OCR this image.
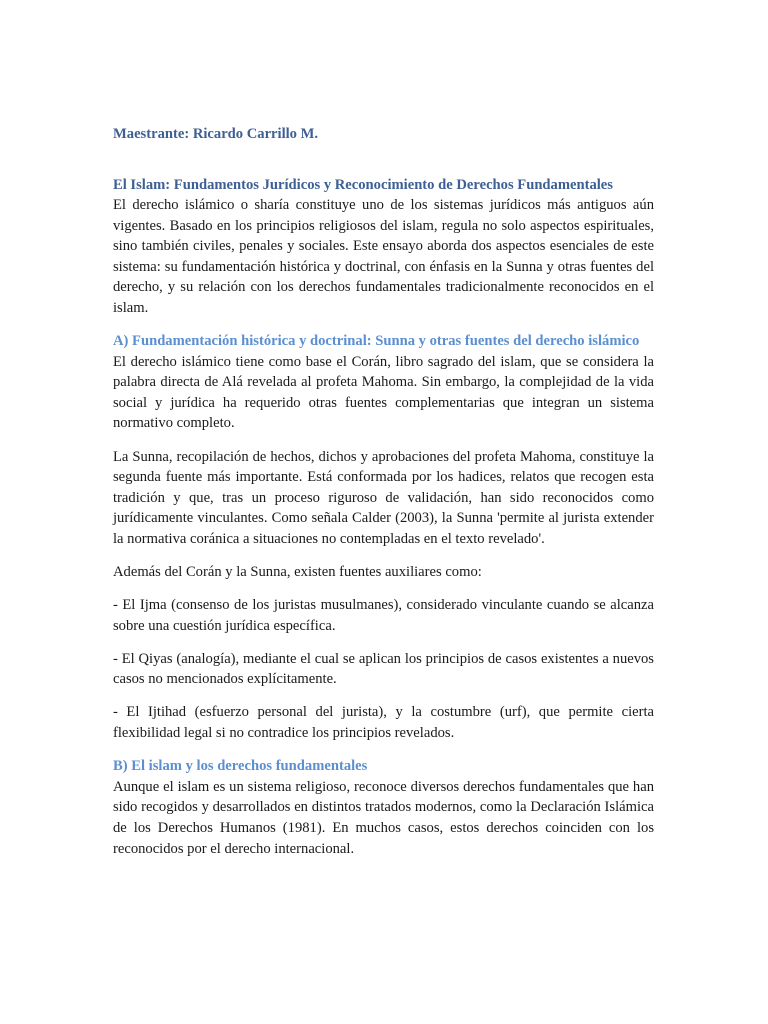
Maestrante: Ricardo Carrillo M.
El Islam: Fundamentos Jurídicos y Reconocimiento de Derechos Fundamentales

El derecho islámico o sharía constituye uno de los sistemas jurídicos más antiguos aún vigentes. Basado en los principios religiosos del islam, regula no solo aspectos espirituales, sino también civiles, penales y sociales. Este ensayo aborda dos aspectos esenciales de este sistema: su fundamentación histórica y doctrinal, con énfasis en la Sunna y otras fuentes del derecho, y su relación con los derechos fundamentales tradicionalmente reconocidos en el islam.

A) Fundamentación histórica y doctrinal: Sunna y otras fuentes del derecho islámico

El derecho islámico tiene como base el Corán, libro sagrado del islam, que se considera la palabra directa de Alá revelada al profeta Mahoma. Sin embargo, la complejidad de la vida social y jurídica ha requerido otras fuentes complementarias que integran un sistema normativo completo.

La Sunna, recopilación de hechos, dichos y aprobaciones del profeta Mahoma, constituye la segunda fuente más importante. Está conformada por los hadices, relatos que recogen esta tradición y que, tras un proceso riguroso de validación, han sido reconocidos como jurídicamente vinculantes. Como señala Calder (2003), la Sunna 'permite al jurista extender la normativa coránica a situaciones no contempladas en el texto revelado'.

Además del Corán y la Sunna, existen fuentes auxiliares como:

- El Ijma (consenso de los juristas musulmanes), considerado vinculante cuando se alcanza sobre una cuestión jurídica específica.

- El Qiyas (analogía), mediante el cual se aplican los principios de casos existentes a nuevos casos no mencionados explícitamente.

- El Ijtihad (esfuerzo personal del jurista), y la costumbre (urf), que permite cierta flexibilidad legal si no contradice los principios revelados.

B) El islam y los derechos fundamentales

Aunque el islam es un sistema religioso, reconoce diversos derechos fundamentales que han sido recogidos y desarrollados en distintos tratados modernos, como la Declaración Islámica de los Derechos Humanos (1981). En muchos casos, estos derechos coinciden con los reconocidos por el derecho internacional.
